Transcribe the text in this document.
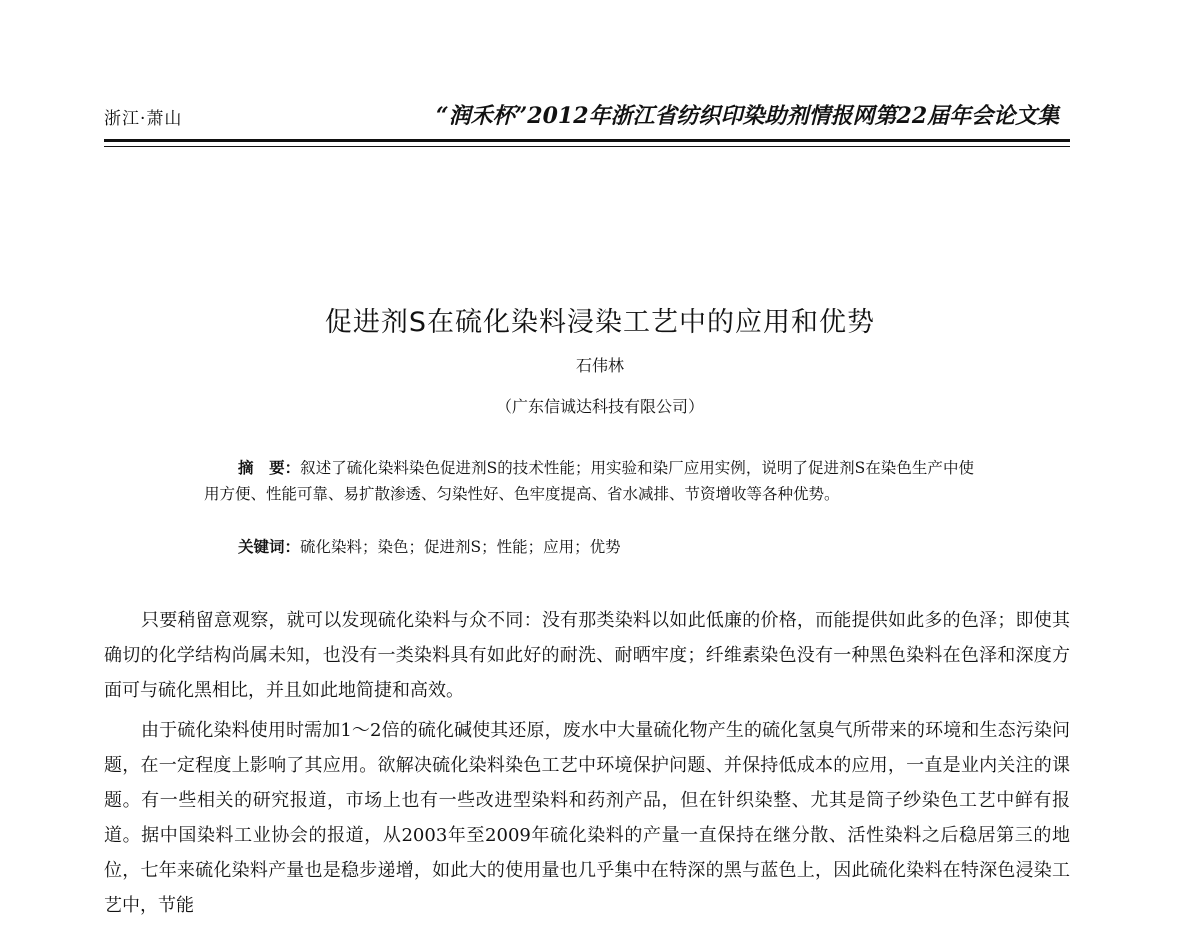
浙江·萧山	“润禾杯”2012年浙江省纺织印染助剂情报网第22届年会论文集
促进剂S在硫化染料浸染工艺中的应用和优势
石伟林
（广东信诚达科技有限公司）

摘　要：叙述了硫化染料染色促进剂S的技术性能；用实验和染厂应用实例，说明了促进剂S在染色生产中使用方便、性能可靠、易扩散渗透、匀染性好、色牢度提高、省水减排、节资增收等各种优势。

关键词：硫化染料；染色；促进剂S；性能；应用；优势

只要稍留意观察，就可以发现硫化染料与众不同：没有那类染料以如此低廉的价格，而能提供如此多的色泽；即使其确切的化学结构尚属未知，也没有一类染料具有如此好的耐洗、耐晒牢度；纤维素染色没有一种黑色染料在色泽和深度方面可与硫化黑相比，并且如此地简捷和高效。

由于硫化染料使用时需加1～2倍的硫化碱使其还原，废水中大量硫化物产生的硫化氢臭气所带来的环境和生态污染问题，在一定程度上影响了其应用。欲解决硫化染料染色工艺中环境保护问题、并保持低成本的应用，一直是业内关注的课题。有一些相关的研究报道，市场上也有一些改进型染料和药剂产品，但在针织染整、尤其是筒子纱染色工艺中鲜有报道。据中国染料工业协会的报道，从2003年至2009年硫化染料的产量一直保持在继分散、活性染料之后稳居第三的地位，七年来硫化染料产量也是稳步递增，如此大的使用量也几乎集中在特深的黑与蓝色上，因此硫化染料在特深色浸染工艺中，节能
